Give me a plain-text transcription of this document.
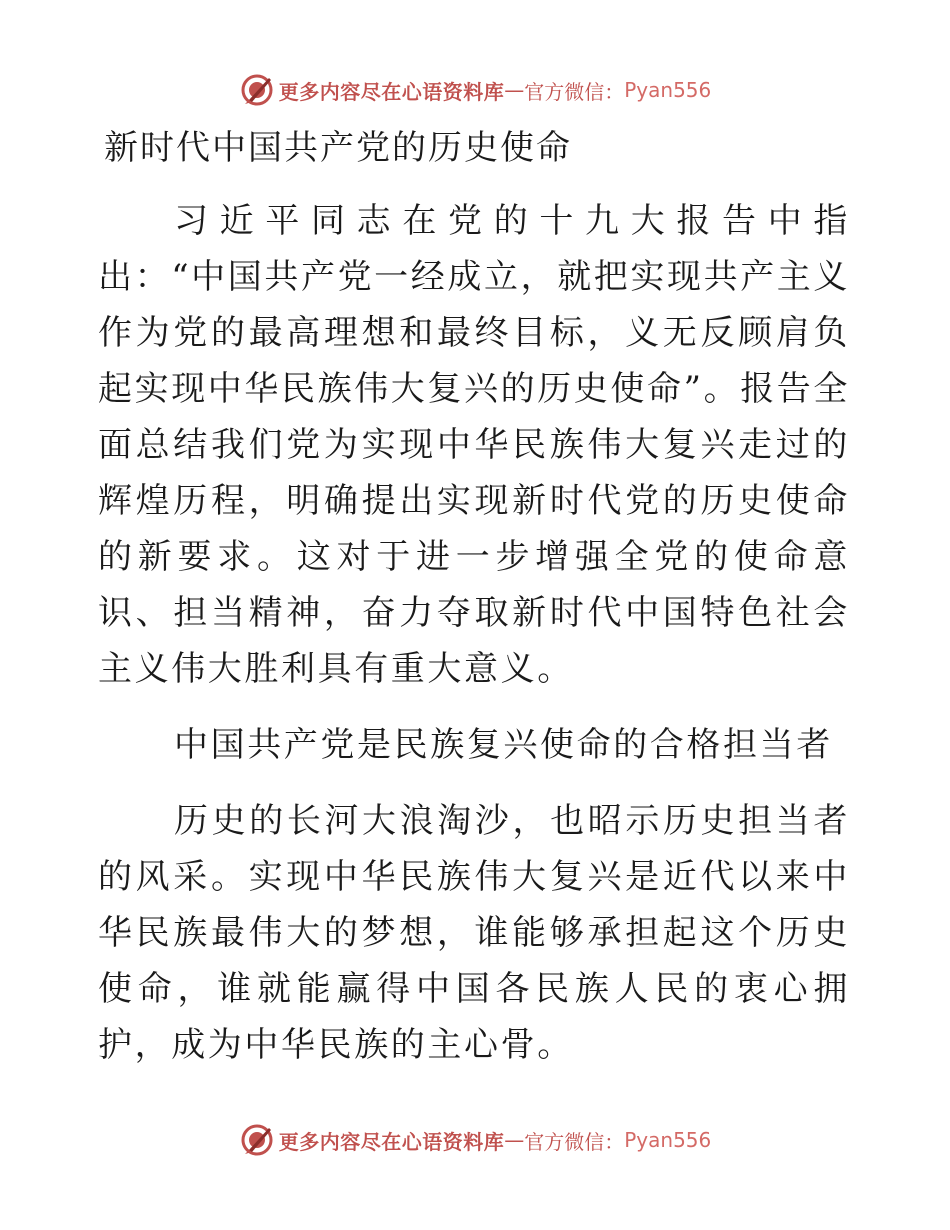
更多内容尽在心语资料库 — 官方微信： Pyan556
新时代中国共产党的历史使命

习近平同志在党的十九大报告中指出：“中国共产党一经成立，就把实现共产主义作为党的最高理想和最终目标，义无反顾肩负起实现中华民族伟大复兴的历史使命”。报告全面总结我们党为实现中华民族伟大复兴走过的辉煌历程，明确提出实现新时代党的历史使命的新要求。这对于进一步增强全党的使命意识、担当精神，奋力夺取新时代中国特色社会主义伟大胜利具有重大意义。

中国共产党是民族复兴使命的合格担当者

历史的长河大浪淘沙，也昭示历史担当者的风采。实现中华民族伟大复兴是近代以来中华民族最伟大的梦想，谁能够承担起这个历史使命，谁就能赢得中国各民族人民的衷心拥护，成为中华民族的主心骨。

更多内容尽在心语资料库 — 官方微信： Pyan556
